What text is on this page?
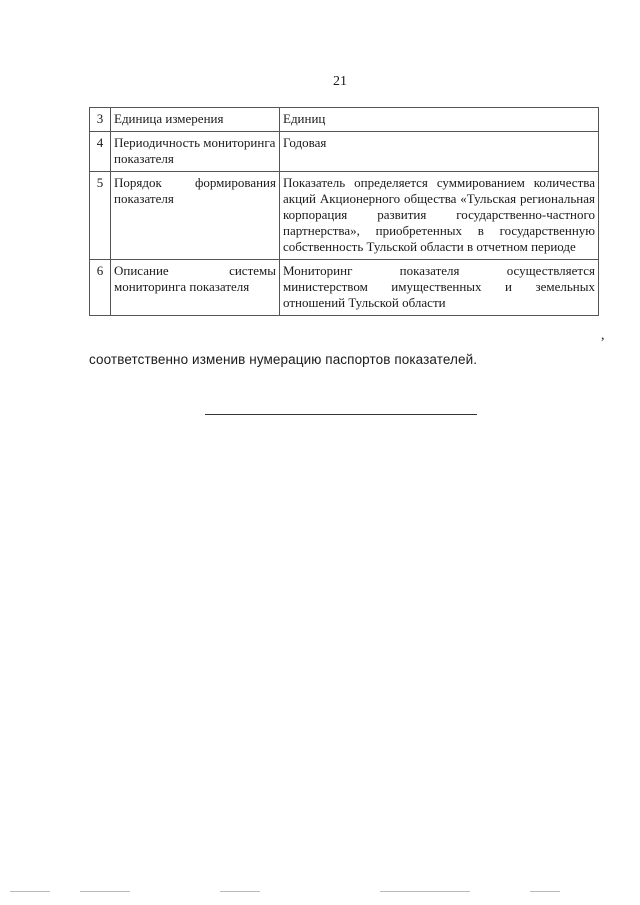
21
3	Единица измерения	Единиц
4	Периодичность мониторинга показателя	Годовая
5	Порядок формирования показателя	Показатель определяется суммированием количества акций Акционерного общества «Тульская региональная корпорация развития государственно-частного партнерства», приобретенных в государственную собственность Тульской области в отчетном периоде
6	Описание системы мониторинга показателя	Мониторинг показателя осуществляется министерством имущественных и земельных отношений Тульской области
,
соответственно изменив нумерацию паспортов показателей.
